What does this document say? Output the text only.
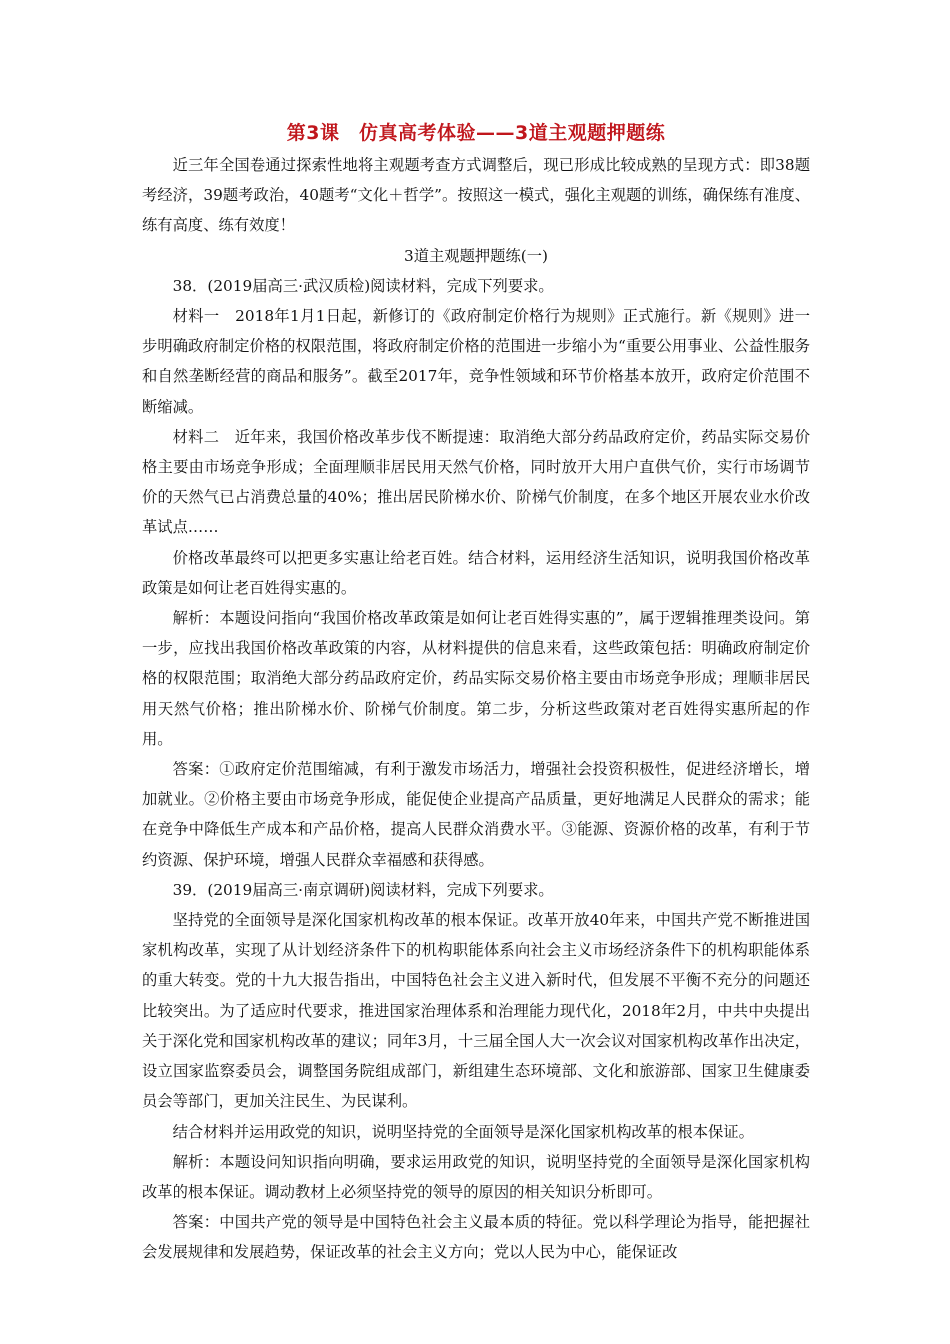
第3课　仿真高考体验——3道主观题押题练

近三年全国卷通过探索性地将主观题考查方式调整后，现已形成比较成熟的呈现方式：即38题考经济，39题考政治，40题考“文化＋哲学”。按照这一模式，强化主观题的训练，确保练有准度、练有高度、练有效度！

3道主观题押题练(一)

38．(2019届高三·武汉质检)阅读材料，完成下列要求。

材料一　2018年1月1日起，新修订的《政府制定价格行为规则》正式施行。新《规则》进一步明确政府制定价格的权限范围，将政府制定价格的范围进一步缩小为“重要公用事业、公益性服务和自然垄断经营的商品和服务”。截至2017年，竞争性领域和环节价格基本放开，政府定价范围不断缩减。

材料二　近年来，我国价格改革步伐不断提速：取消绝大部分药品政府定价，药品实际交易价格主要由市场竞争形成；全面理顺非居民用天然气价格，同时放开大用户直供气价，实行市场调节价的天然气已占消费总量的40%；推出居民阶梯水价、阶梯气价制度，在多个地区开展农业水价改革试点……

价格改革最终可以把更多实惠让给老百姓。结合材料，运用经济生活知识，说明我国价格改革政策是如何让老百姓得实惠的。

解析：本题设问指向“我国价格改革政策是如何让老百姓得实惠的”，属于逻辑推理类设问。第一步，应找出我国价格改革政策的内容，从材料提供的信息来看，这些政策包括：明确政府制定价格的权限范围；取消绝大部分药品政府定价，药品实际交易价格主要由市场竞争形成；理顺非居民用天然气价格；推出阶梯水价、阶梯气价制度。第二步，分析这些政策对老百姓得实惠所起的作用。

答案：①政府定价范围缩减，有利于激发市场活力，增强社会投资积极性，促进经济增长，增加就业。②价格主要由市场竞争形成，能促使企业提高产品质量，更好地满足人民群众的需求；能在竞争中降低生产成本和产品价格，提高人民群众消费水平。③能源、资源价格的改革，有利于节约资源、保护环境，增强人民群众幸福感和获得感。

39．(2019届高三·南京调研)阅读材料，完成下列要求。

坚持党的全面领导是深化国家机构改革的根本保证。改革开放40年来，中国共产党不断推进国家机构改革，实现了从计划经济条件下的机构职能体系向社会主义市场经济条件下的机构职能体系的重大转变。党的十九大报告指出，中国特色社会主义进入新时代，但发展不平衡不充分的问题还比较突出。为了适应时代要求，推进国家治理体系和治理能力现代化，2018年2月，中共中央提出关于深化党和国家机构改革的建议；同年3月，十三届全国人大一次会议对国家机构改革作出决定，设立国家监察委员会，调整国务院组成部门，新组建生态环境部、文化和旅游部、国家卫生健康委员会等部门，更加关注民生、为民谋利。

结合材料并运用政党的知识，说明坚持党的全面领导是深化国家机构改革的根本保证。

解析：本题设问知识指向明确，要求运用政党的知识，说明坚持党的全面领导是深化国家机构改革的根本保证。调动教材上必须坚持党的领导的原因的相关知识分析即可。

答案：中国共产党的领导是中国特色社会主义最本质的特征。党以科学理论为指导，能把握社会发展规律和发展趋势，保证改革的社会主义方向；党以人民为中心，能保证改
